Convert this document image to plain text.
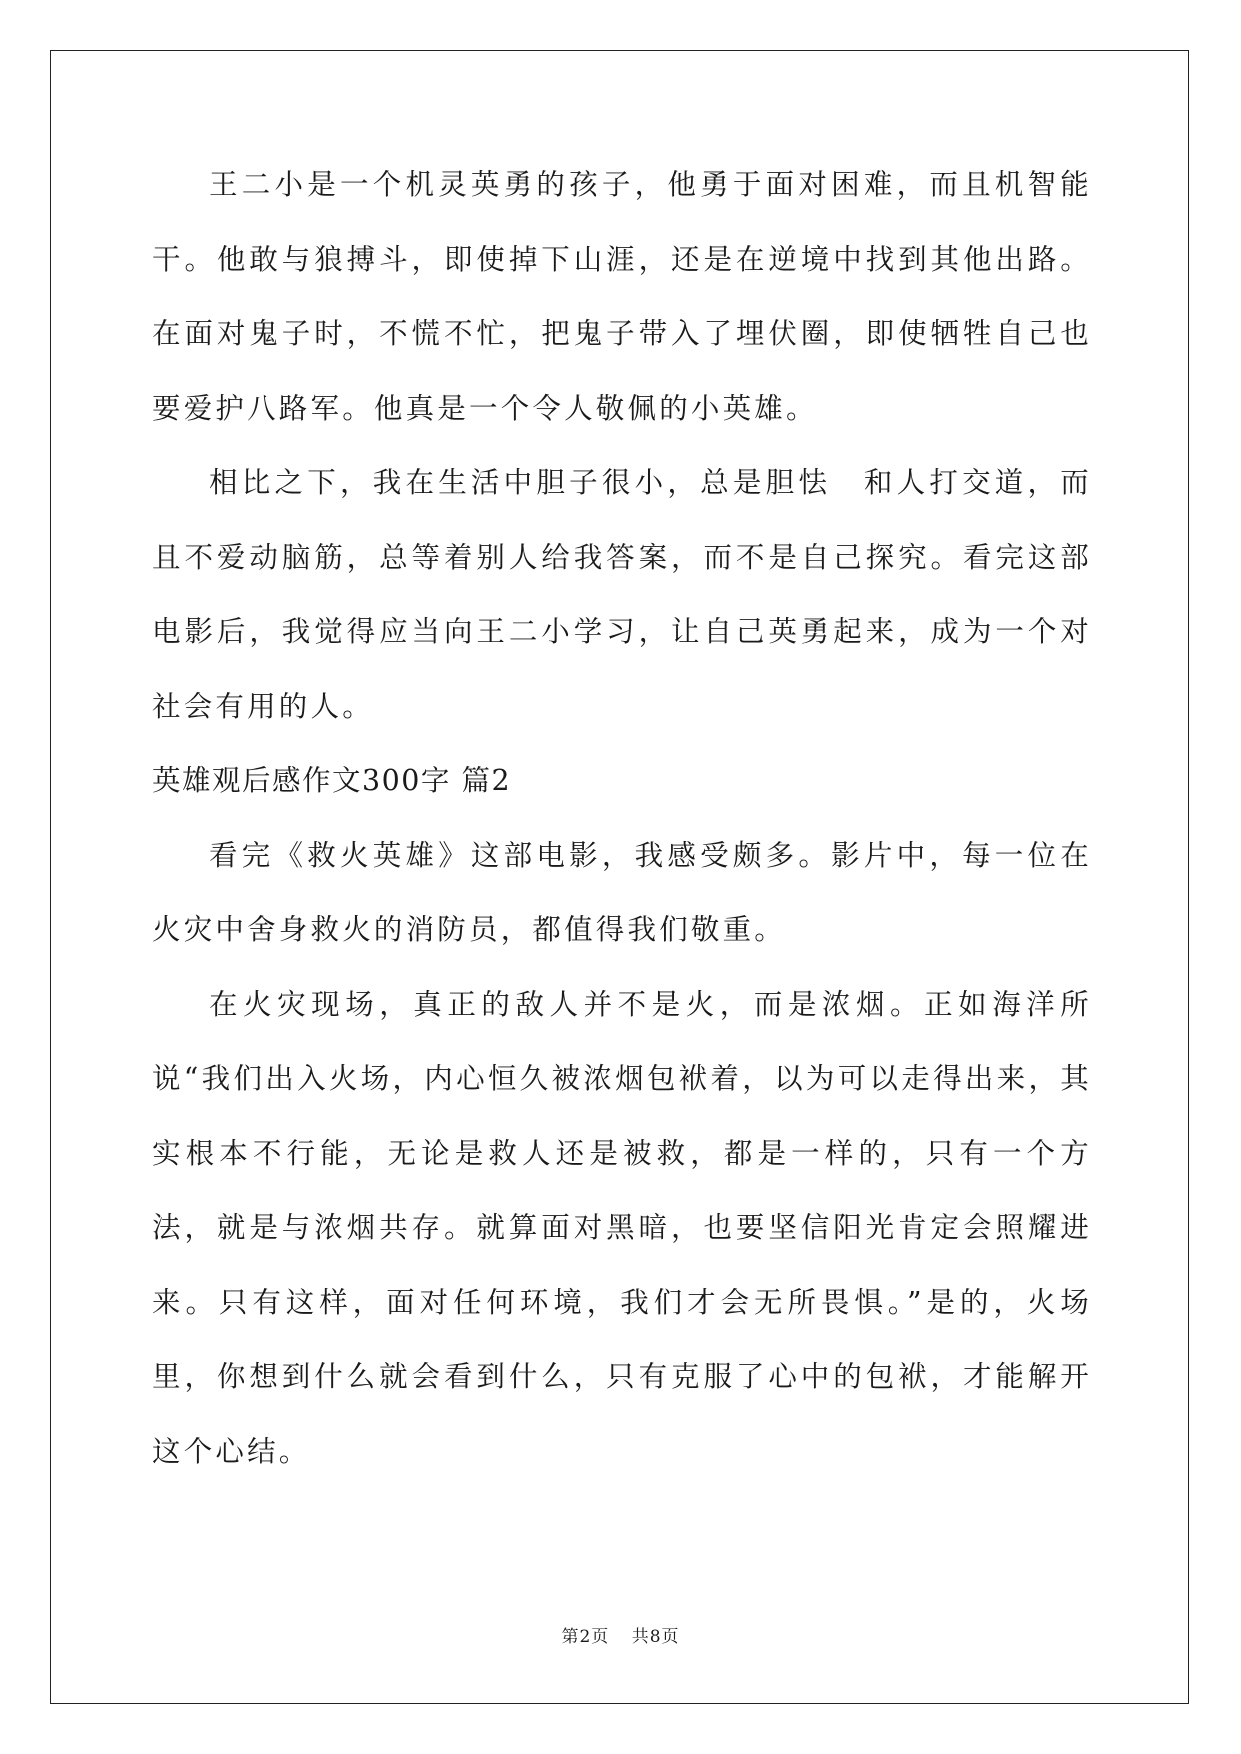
王二小是一个机灵英勇的孩子，他勇于面对困难，而且机智能干。他敢与狼搏斗，即使掉下山涯，还是在逆境中找到其他出路。在面对鬼子时，不慌不忙，把鬼子带入了埋伏圈，即使牺牲自己也要爱护八路军。他真是一个令人敬佩的小英雄。

相比之下，我在生活中胆子很小，总是胆怯　和人打交道，而且不爱动脑筋，总等着别人给我答案，而不是自己探究。看完这部电影后，我觉得应当向王二小学习，让自己英勇起来，成为一个对社会有用的人。

英雄观后感作文300字 篇2

看完《救火英雄》这部电影，我感受颇多。影片中，每一位在火灾中舍身救火的消防员，都值得我们敬重。

在火灾现场，真正的敌人并不是火，而是浓烟。正如海洋所说“我们出入火场，内心恒久被浓烟包袱着，以为可以走得出来，其实根本不行能，无论是救人还是被救，都是一样的，只有一个方法，就是与浓烟共存。就算面对黑暗，也要坚信阳光肯定会照耀进来。只有这样，面对任何环境，我们才会无所畏惧。”是的，火场里，你想到什么就会看到什么，只有克服了心中的包袱，才能解开这个心结。

第2页 共8页
